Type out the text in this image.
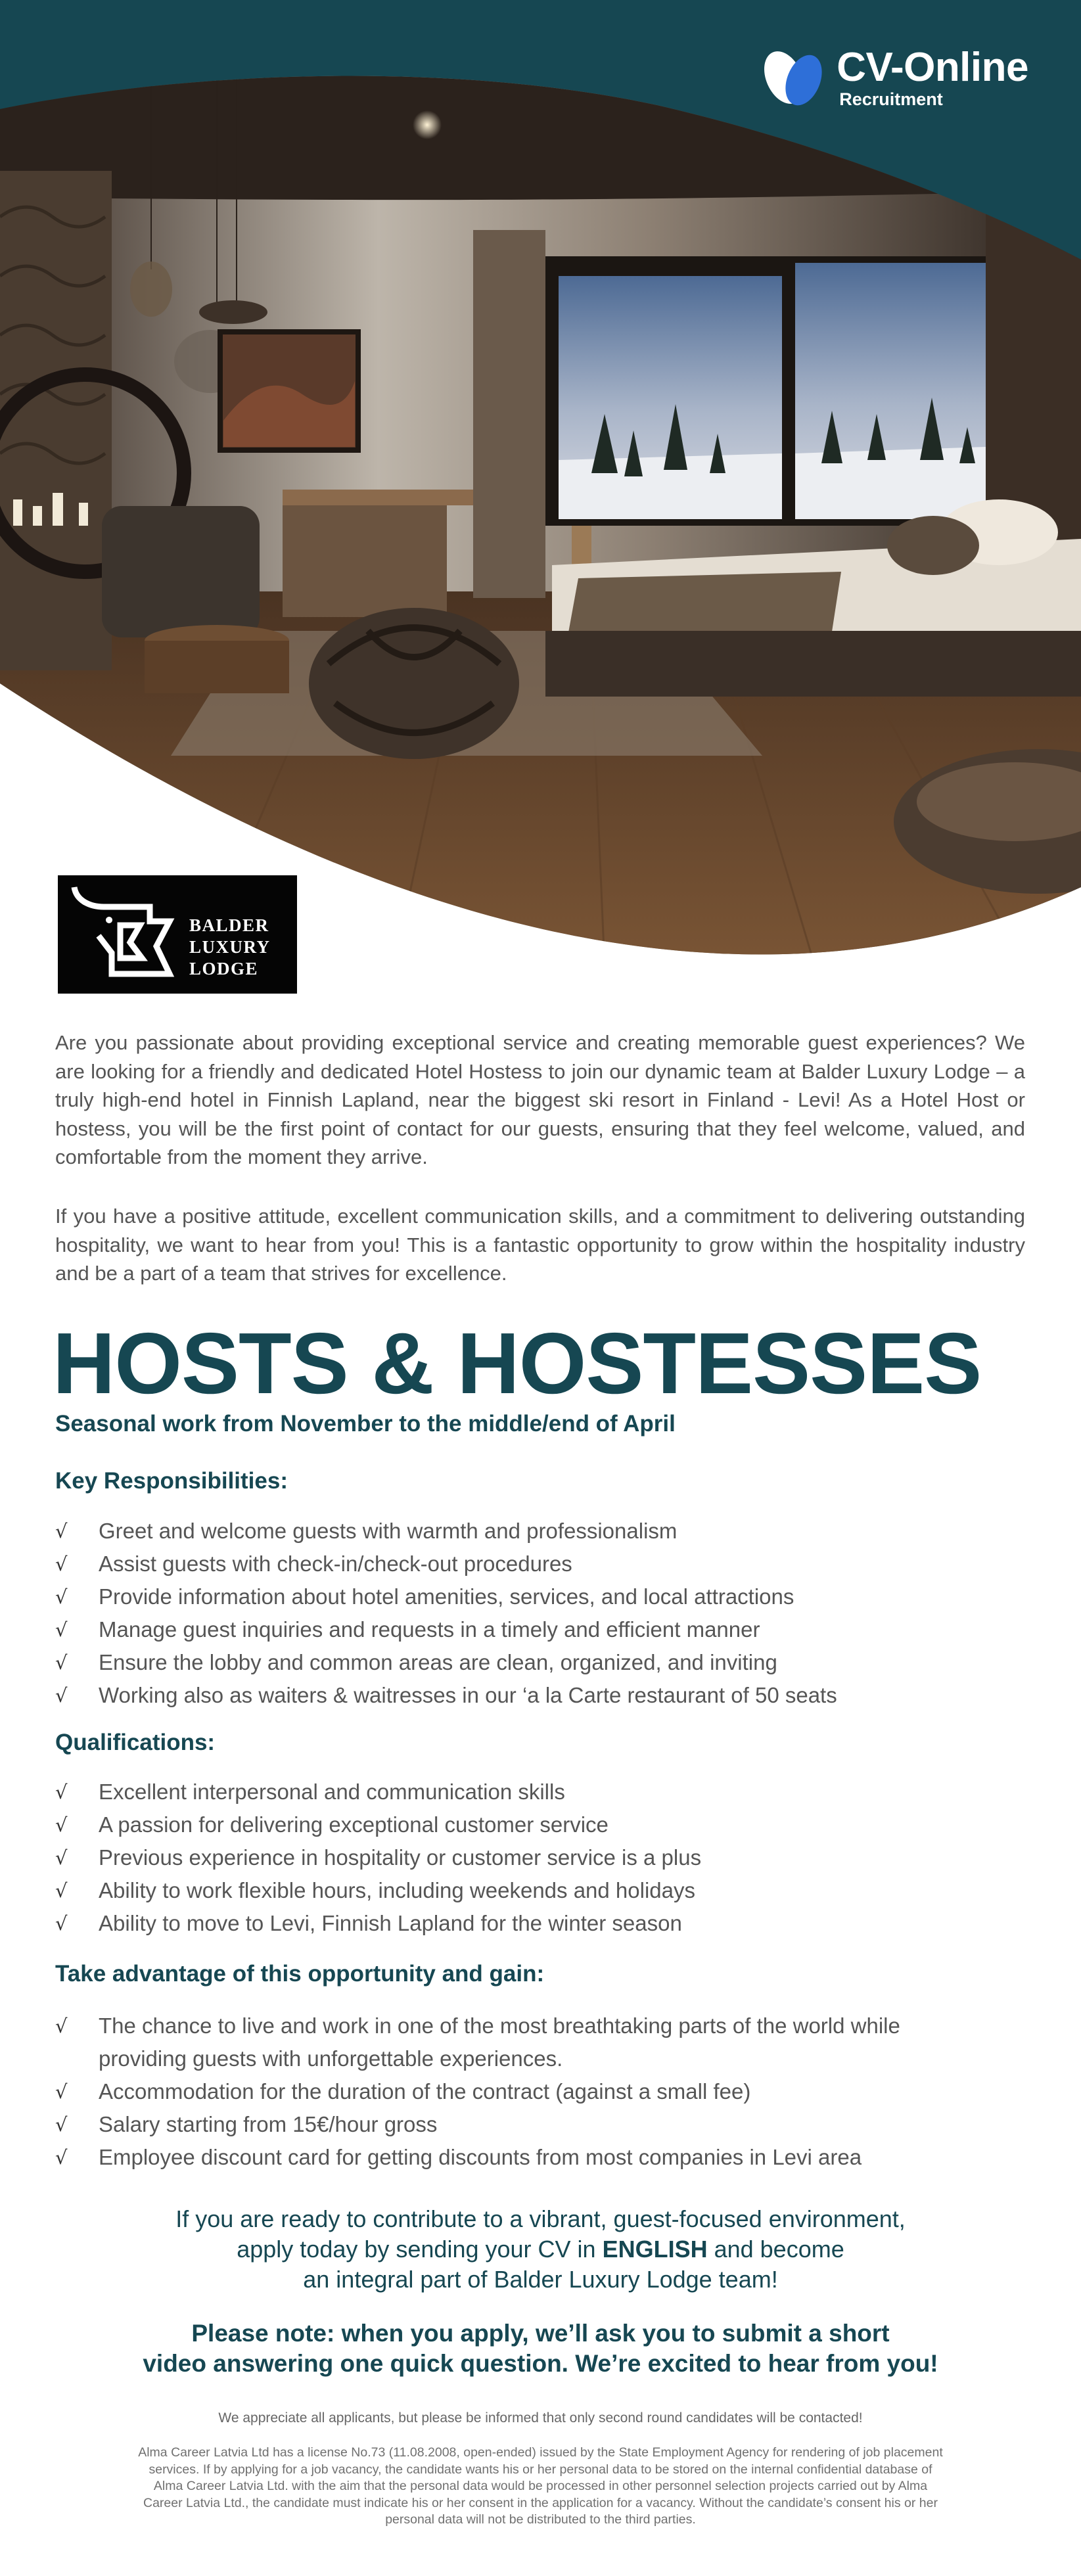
CV-Online
Recruitment
BALDER
LUXURY
LODGE

Are you passionate about providing exceptional service and creating memorable guest experiences? We are looking for a friendly and dedicated Hotel Hostess to join our dynamic team at Balder Luxury Lodge – a truly high-end hotel in Finnish Lapland, near the biggest ski resort in Finland - Levi! As a Hotel Host or hostess, you will be the first point of contact for our guests, ensuring that they feel welcome, valued, and comfortable from the moment they arrive.

If you have a positive attitude, excellent communication skills, and a commitment to delivering outstanding hospitality, we want to hear from you! This is a fantastic opportunity to grow within the hospitality industry and be a part of a team that strives for excellence.

HOSTS & HOSTESSES
Seasonal work from November to the middle/end of April
Key Responsibilities:
√ Greet and welcome guests with warmth and professionalism
√ Assist guests with check-in/check-out procedures
√ Provide information about hotel amenities, services, and local attractions
√ Manage guest inquiries and requests in a timely and efficient manner
√ Ensure the lobby and common areas are clean, organized, and inviting
√ Working also as waiters & waitresses in our ‘a la Carte restaurant of 50 seats
Qualifications:
√ Excellent interpersonal and communication skills
√ A passion for delivering exceptional customer service
√ Previous experience in hospitality or customer service is a plus
√ Ability to work flexible hours, including weekends and holidays
√ Ability to move to Levi, Finnish Lapland for the winter season
Take advantage of this opportunity and gain:
√ The chance to live and work in one of the most breathtaking parts of the world while providing guests with unforgettable experiences.
√ Accommodation for the duration of the contract (against a small fee)
√ Salary starting from 15€/hour gross
√ Employee discount card for getting discounts from most companies in Levi area

If you are ready to contribute to a vibrant, guest-focused environment,
apply today by sending your CV in ENGLISH and become
an integral part of Balder Luxury Lodge team!

Please note: when you apply, we’ll ask you to submit a short
video answering one quick question. We’re excited to hear from you!

We appreciate all applicants, but please be informed that only second round candidates will be contacted!

Alma Career Latvia Ltd has a license No.73 (11.08.2008, open-ended) issued by the State Employment Agency for rendering of job placement
services. If by applying for a job vacancy, the candidate wants his or her personal data to be stored on the internal confidential database of
Alma Career Latvia Ltd. with the aim that the personal data would be processed in other personnel selection projects carried out by Alma
Career Latvia Ltd., the candidate must indicate his or her consent in the application for a vacancy. Without the candidate’s consent his or her
personal data will not be distributed to the third parties.
